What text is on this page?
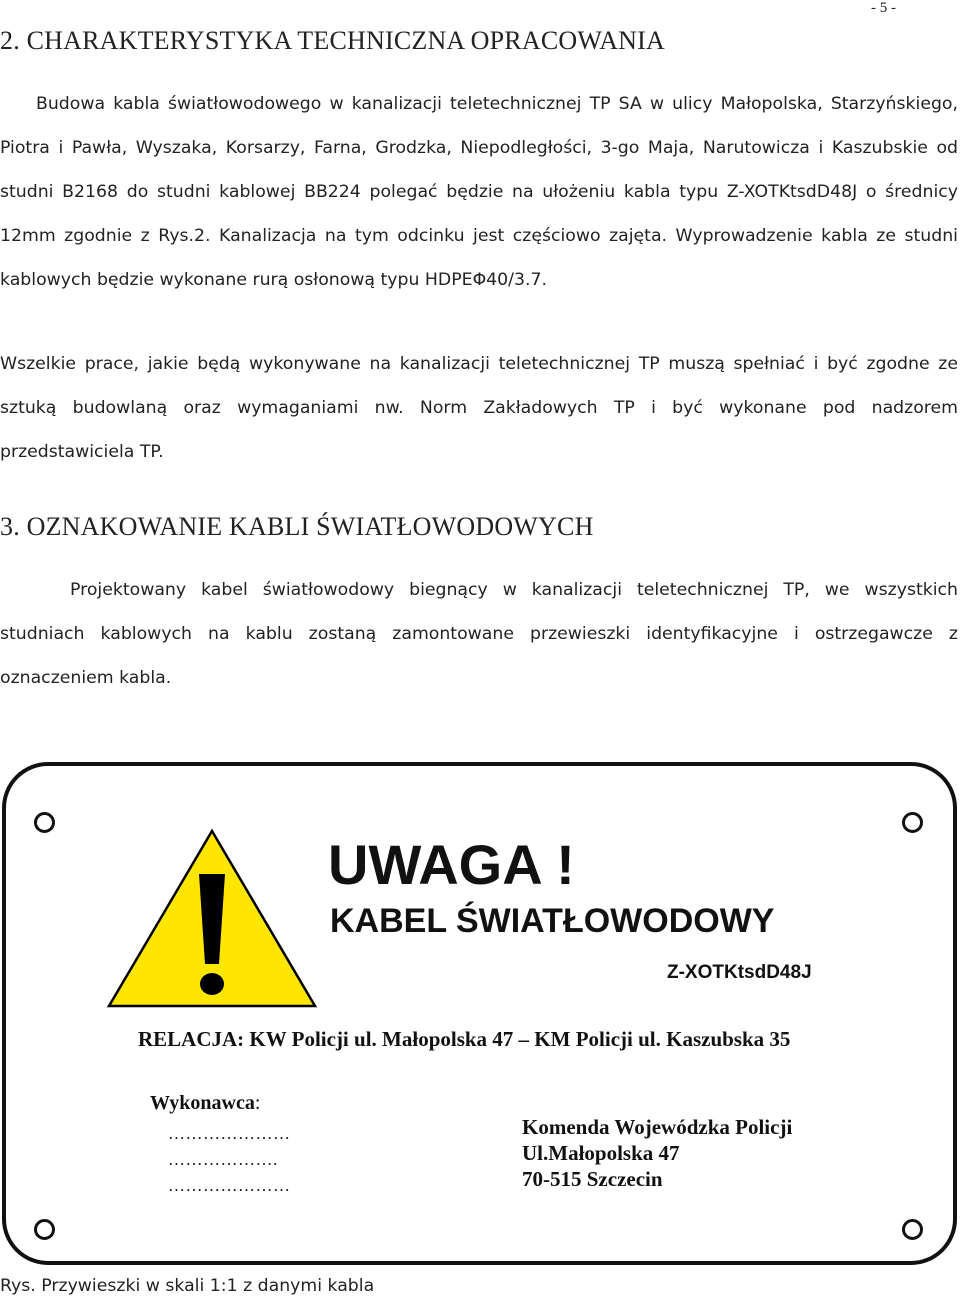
- 5 -
2. CHARAKTERYSTYKA TECHNICZNA OPRACOWANIA

Budowa kabla światłowodowego w kanalizacji teletechnicznej TP SA w ulicy Małopolska, Starzyńskiego, Piotra i Pawła, Wyszaka, Korsarzy, Farna, Grodzka, Niepodległości, 3-go Maja, Narutowicza i Kaszubskie od studni B2168 do studni kablowej BB224 polegać będzie na ułożeniu kabla typu Z-XOTKtsdD48J o średnicy 12mm zgodnie z Rys.2. Kanalizacja na tym odcinku jest częściowo zajęta. Wyprowadzenie kabla ze studni kablowych będzie wykonane rurą osłonową typu HDPEΦ40/3.7.

Wszelkie prace, jakie będą wykonywane na kanalizacji teletechnicznej TP muszą spełniać i być zgodne ze sztuką budowlaną oraz wymaganiami nw. Norm Zakładowych TP i być wykonane pod nadzorem przedstawiciela TP.

3. OZNAKOWANIE KABLI ŚWIATŁOWODOWYCH

Projektowany kabel światłowodowy biegnący w kanalizacji teletechnicznej TP, we wszystkich studniach kablowych na kablu zostaną zamontowane przewieszki identyfikacyjne i ostrzegawcze z oznaczeniem kabla.

UWAGA !
KABEL ŚWIATŁOWODOWY
Z-XOTKtsdD48J
RELACJA: KW Policji ul. Małopolska 47 – KM Policji ul. Kaszubska 35
Wykonawca:
…………………
……………….
…………………
Komenda Wojewódzka Policji
Ul.Małopolska 47
70-515 Szczecin

Rys. Przywieszki w skali 1:1 z danymi kabla
